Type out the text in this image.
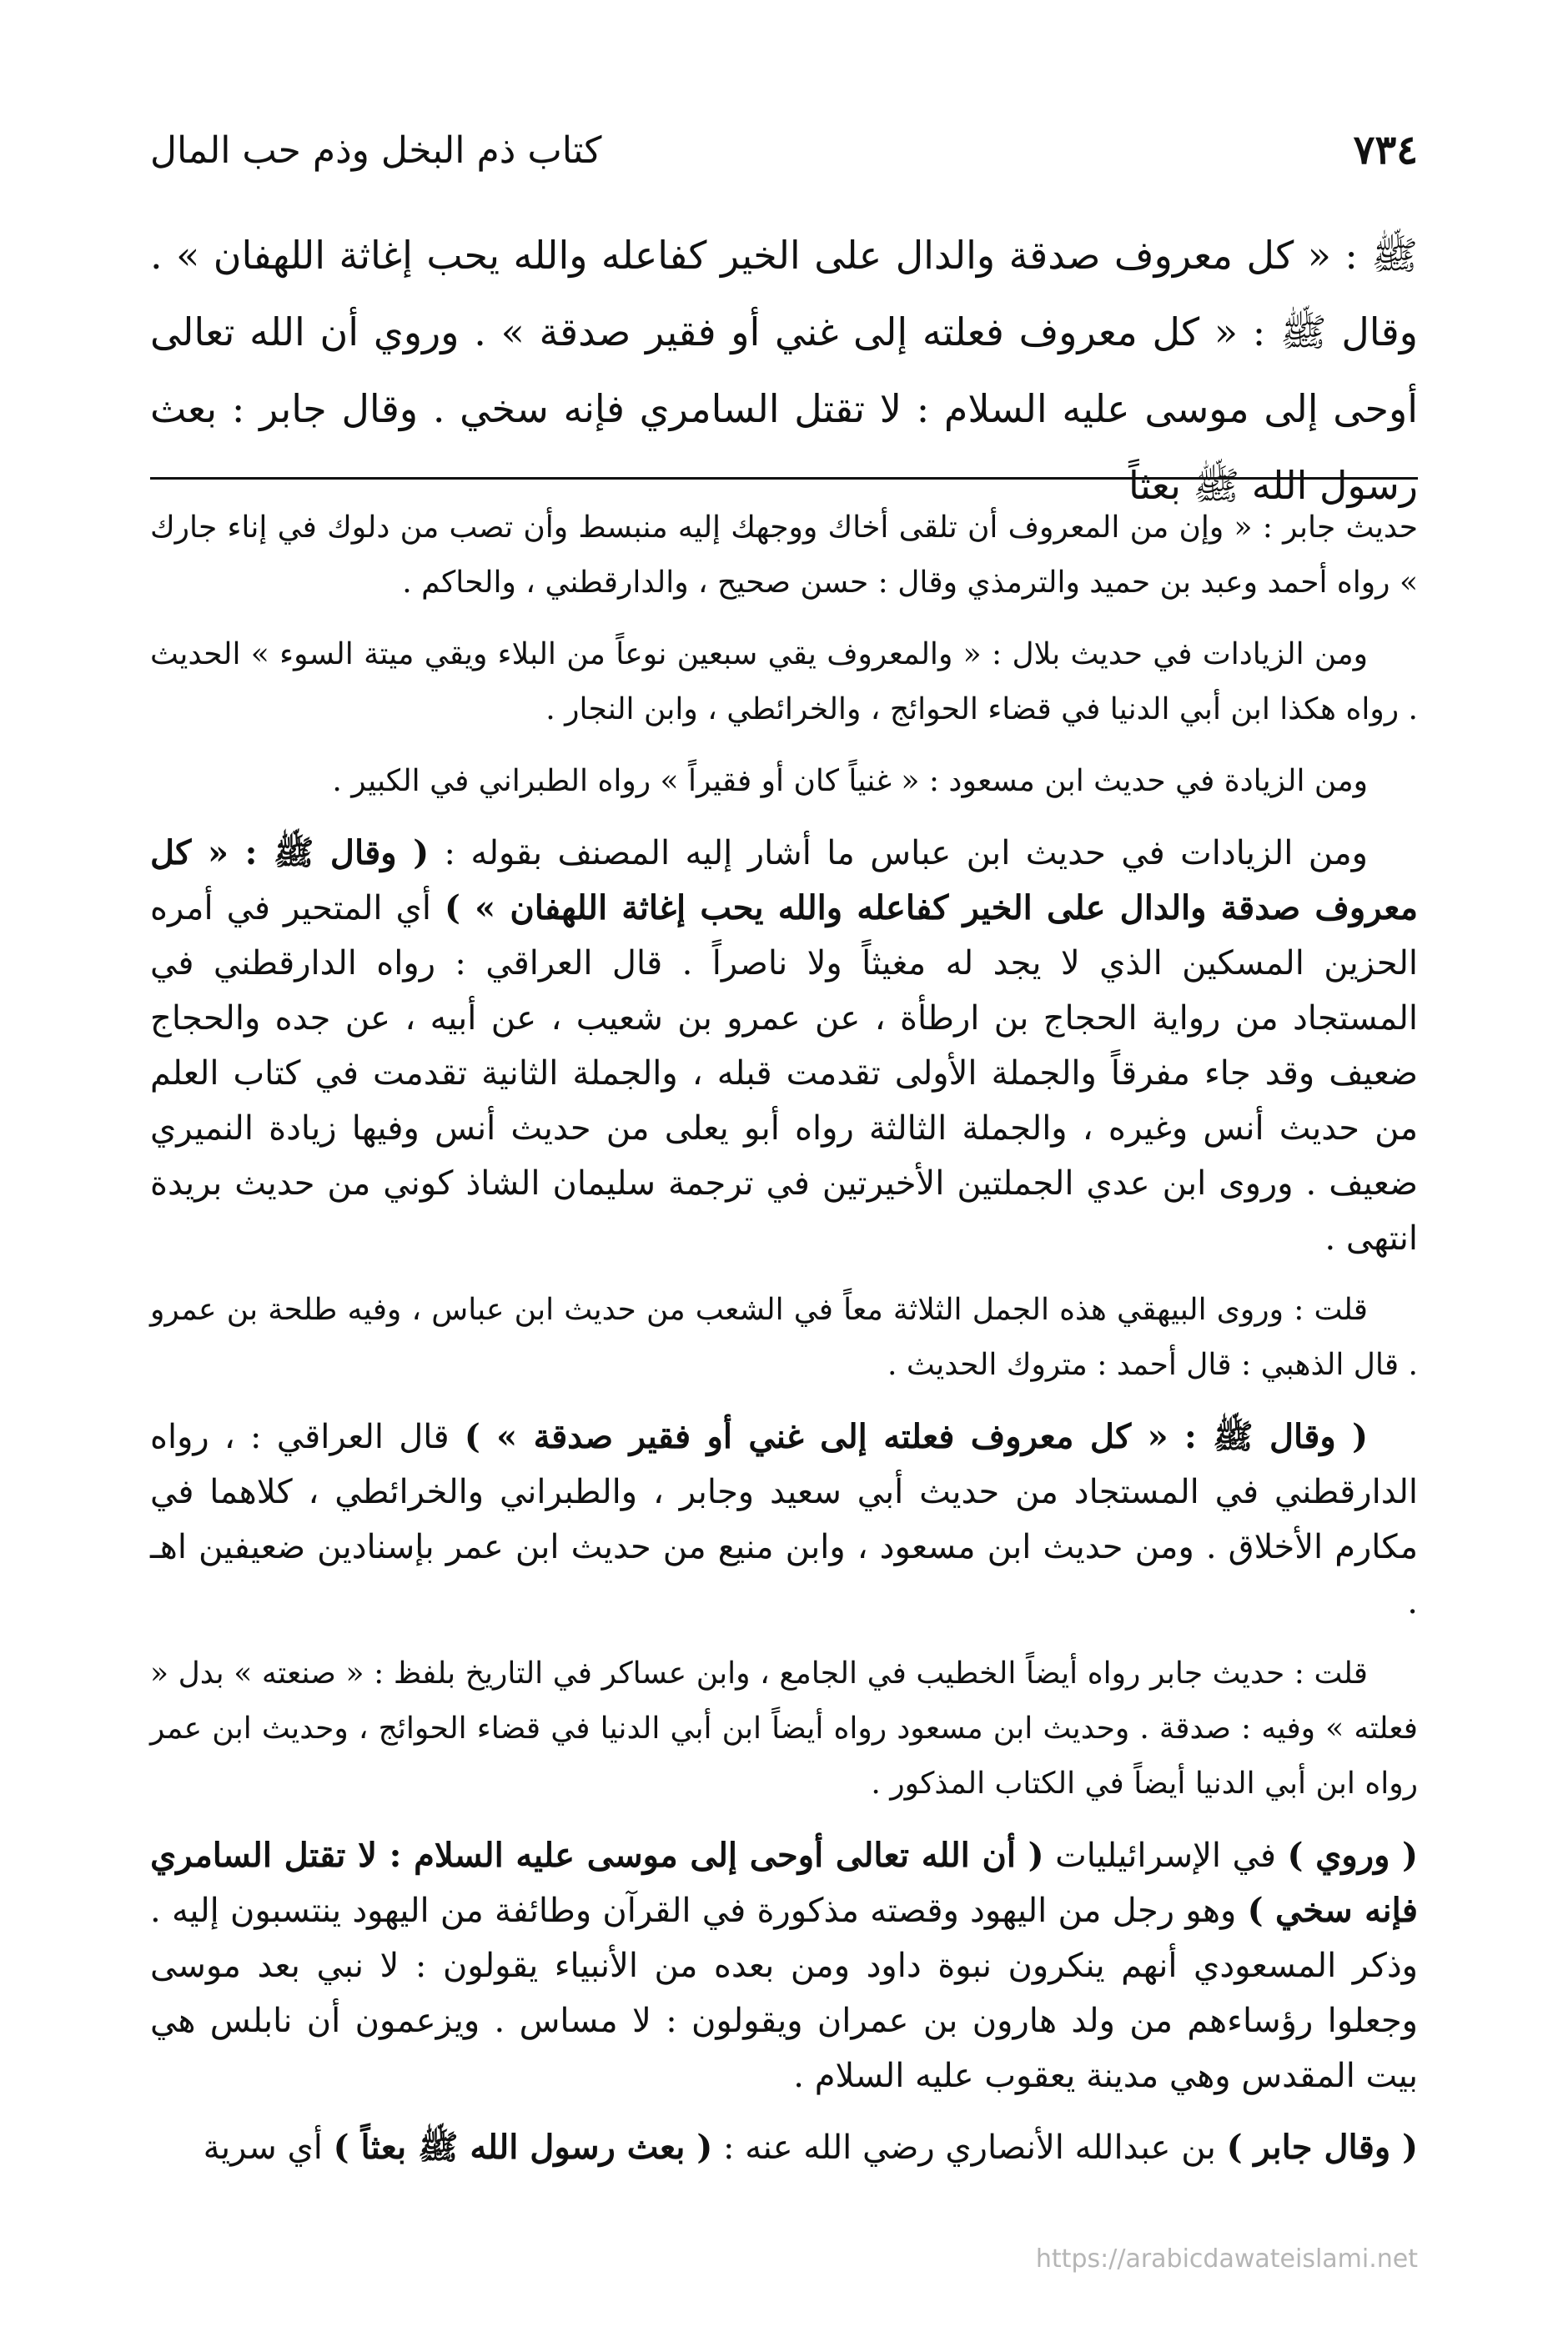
٧٣٤
كتاب ذم البخل وذم حب المال

ﷺ : « كل معروف صدقة والدال على الخير كفاعله والله يحب إغاثة اللهفان » . وقال ﷺ : « كل معروف فعلته إلى غني أو فقير صدقة » . وروي أن الله تعالى أوحى إلى موسى عليه السلام : لا تقتل السامري فإنه سخي . وقال جابر : بعث رسول الله ﷺ بعثاً

حديث جابر : « وإن من المعروف أن تلقى أخاك ووجهك إليه منبسط وأن تصب من دلوك في إناء جارك » رواه أحمد وعبد بن حميد والترمذي وقال : حسن صحيح ، والدارقطني ، والحاكم .

ومن الزيادات في حديث بلال : « والمعروف يقي سبعين نوعاً من البلاء ويقي ميتة السوء » الحديث . رواه هكذا ابن أبي الدنيا في قضاء الحوائج ، والخرائطي ، وابن النجار .

ومن الزيادة في حديث ابن مسعود : « غنياً كان أو فقيراً » رواه الطبراني في الكبير .

ومن الزيادات في حديث ابن عباس ما أشار إليه المصنف بقوله : ( وقال ﷺ : « كل معروف صدقة والدال على الخير كفاعله والله يحب إغاثة اللهفان » ) أي المتحير في أمره الحزين المسكين الذي لا يجد له مغيثاً ولا ناصراً . قال العراقي : رواه الدارقطني في المستجاد من رواية الحجاج بن ارطأة ، عن عمرو بن شعيب ، عن أبيه ، عن جده والحجاج ضعيف وقد جاء مفرقاً والجملة الأولى تقدمت قبله ، والجملة الثانية تقدمت في كتاب العلم من حديث أنس وغيره ، والجملة الثالثة رواه أبو يعلى من حديث أنس وفيها زيادة النميري ضعيف . وروى ابن عدي الجملتين الأخيرتين في ترجمة سليمان الشاذ كوني من حديث بريدة انتهى .

قلت : وروى البيهقي هذه الجمل الثلاثة معاً في الشعب من حديث ابن عباس ، وفيه طلحة بن عمرو . قال الذهبي : قال أحمد : متروك الحديث .

( وقال ﷺ : « كل معروف فعلته إلى غني أو فقير صدقة » ) قال العراقي : ، رواه الدارقطني في المستجاد من حديث أبي سعيد وجابر ، والطبراني والخرائطي ، كلاهما في مكارم الأخلاق . ومن حديث ابن مسعود ، وابن منيع من حديث ابن عمر بإسنادين ضعيفين اهـ .

قلت : حديث جابر رواه أيضاً الخطيب في الجامع ، وابن عساكر في التاريخ بلفظ : « صنعته » بدل « فعلته » وفيه : صدقة . وحديث ابن مسعود رواه أيضاً ابن أبي الدنيا في قضاء الحوائج ، وحديث ابن عمر رواه ابن أبي الدنيا أيضاً في الكتاب المذكور .

( وروي ) في الإسرائيليات ( أن الله تعالى أوحى إلى موسى عليه السلام : لا تقتل السامري فإنه سخي ) وهو رجل من اليهود وقصته مذكورة في القرآن وطائفة من اليهود ينتسبون إليه . وذكر المسعودي أنهم ينكرون نبوة داود ومن بعده من الأنبياء يقولون : لا نبي بعد موسى وجعلوا رؤساءهم من ولد هارون بن عمران ويقولون : لا مساس . ويزعمون أن نابلس هي بيت المقدس وهي مدينة يعقوب عليه السلام .

( وقال جابر ) بن عبدالله الأنصاري رضي الله عنه : ( بعث رسول الله ﷺ بعثاً ) أي سرية

https://arabicdawateislami.net
